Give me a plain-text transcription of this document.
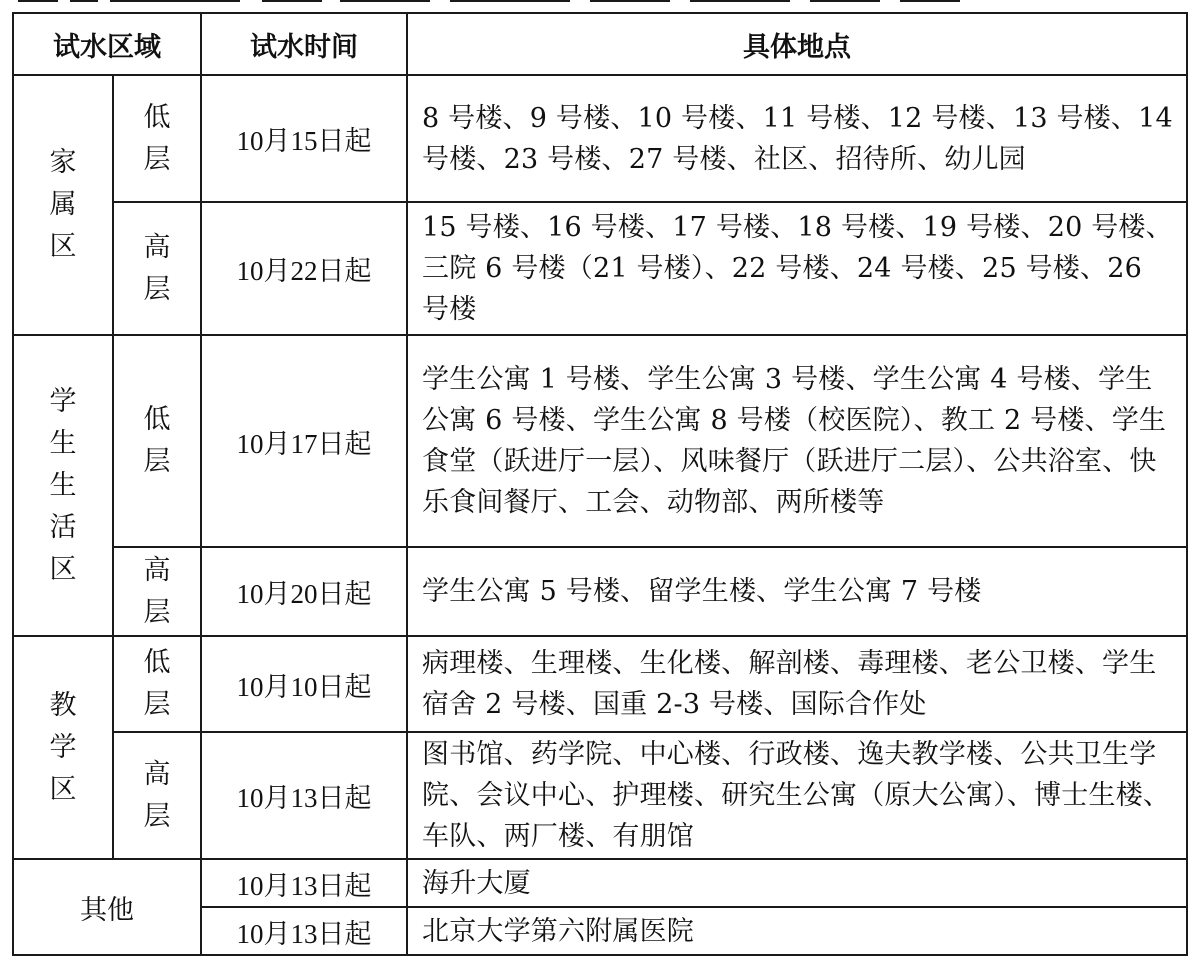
试水区域		试水时间	具体地点
家属区	低层	10月15日起	8 号楼、9 号楼、10 号楼、11 号楼、12 号楼、13 号楼、14 号楼、23 号楼、27 号楼、社区、招待所、幼儿园
	高层	10月22日起	15 号楼、16 号楼、17 号楼、18 号楼、19 号楼、20 号楼、三院 6 号楼（21 号楼）、22 号楼、24 号楼、25 号楼、26 号楼
学生生活区	低层	10月17日起	学生公寓 1 号楼、学生公寓 3 号楼、学生公寓 4 号楼、学生公寓 6 号楼、学生公寓 8 号楼（校医院）、教工 2 号楼、学生食堂（跃进厅一层）、风味餐厅（跃进厅二层）、公共浴室、快乐食间餐厅、工会、动物部、两所楼等
	高层	10月20日起	学生公寓 5 号楼、留学生楼、学生公寓 7 号楼
教学区	低层	10月10日起	病理楼、生理楼、生化楼、解剖楼、毒理楼、老公卫楼、学生宿舍 2 号楼、国重 2-3 号楼、国际合作处
	高层	10月13日起	图书馆、药学院、中心楼、行政楼、逸夫教学楼、公共卫生学院、会议中心、护理楼、研究生公寓（原大公寓）、博士生楼、车队、两厂楼、有朋馆
其他		10月13日起	海升大厦
		10月13日起	北京大学第六附属医院
